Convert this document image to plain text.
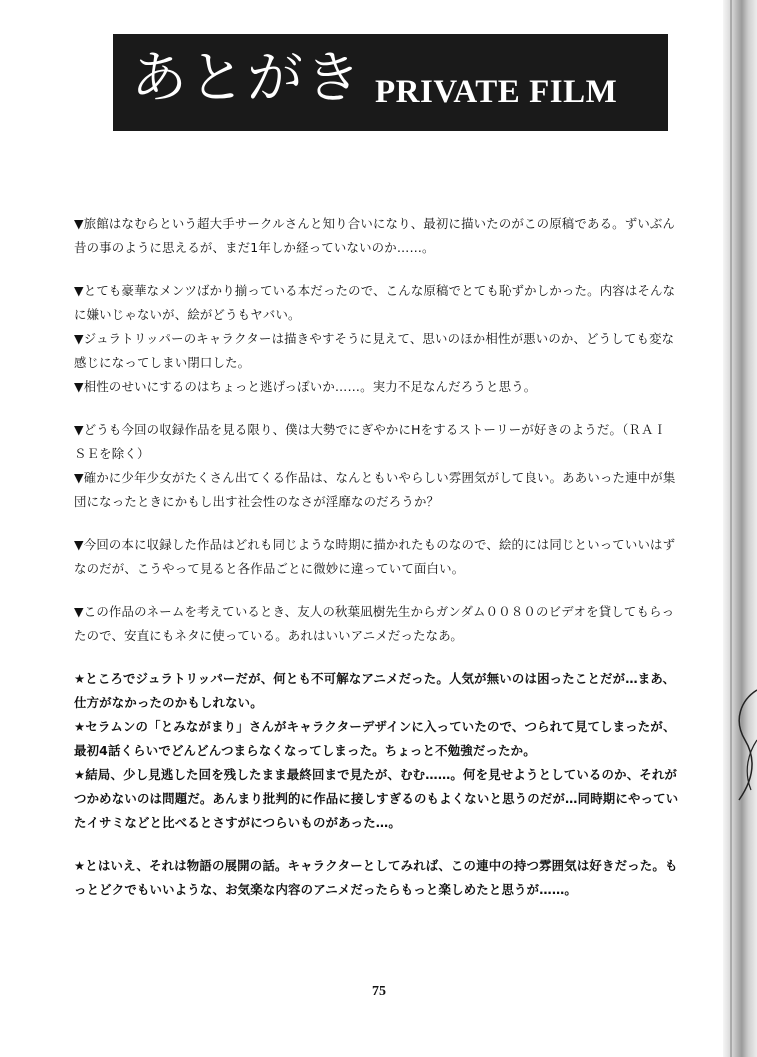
あとがき PRIVATE FILM
▼旅館はなむらという超大手サークルさんと知り合いになり、最初に描いたのがこの原稿である。ずいぶん
昔の事のように思えるが、まだ1年しか経っていないのか……。
▼とても豪華なメンツばかり揃っている本だったので、こんな原稿でとても恥ずかしかった。内容はそんな
に嫌いじゃないが、絵がどうもヤバい。
▼ジュラトリッパーのキャラクターは描きやすそうに見えて、思いのほか相性が悪いのか、どうしても変な
感じになってしまい閉口した。
▼相性のせいにするのはちょっと逃げっぽいか……。実力不足なんだろうと思う。
▼どうも今回の収録作品を見る限り、僕は大勢でにぎやかにHをするストーリーが好きのようだ。（ＲＡＩ
ＳＥを除く）
▼確かに少年少女がたくさん出てくる作品は、なんともいやらしい雰囲気がして良い。ああいった連中が集
団になったときにかもし出す社会性のなさが淫靡なのだろうか？
▼今回の本に収録した作品はどれも同じような時期に描かれたものなので、絵的には同じといっていいはず
なのだが、こうやって見ると各作品ごとに微妙に違っていて面白い。
▼この作品のネームを考えているとき、友人の秋葉凪樹先生からガンダム００８０のビデオを貸してもらっ
たので、安直にもネタに使っている。あれはいいアニメだったなあ。
★ところでジュラトリッパーだが、何とも不可解なアニメだった。人気が無いのは困ったことだが…まあ、
仕方がなかったのかもしれない。
★セラムンの「とみながまり」さんがキャラクターデザインに入っていたので、つられて見てしまったが、
最初4話くらいでどんどんつまらなくなってしまった。ちょっと不勉強だったか。
★結局、少し見逃した回を残したまま最終回まで見たが、むむ……。何を見せようとしているのか、それが
つかめないのは問題だ。あんまり批判的に作品に接しすぎるのもよくないと思うのだが…同時期にやってい
たイサミなどと比べるとさすがにつらいものがあった…。
★とはいえ、それは物語の展開の話。キャラクターとしてみれば、この連中の持つ雰囲気は好きだった。も
っとどクでもいいような、お気楽な内容のアニメだったらもっと楽しめたと思うが……。
75
